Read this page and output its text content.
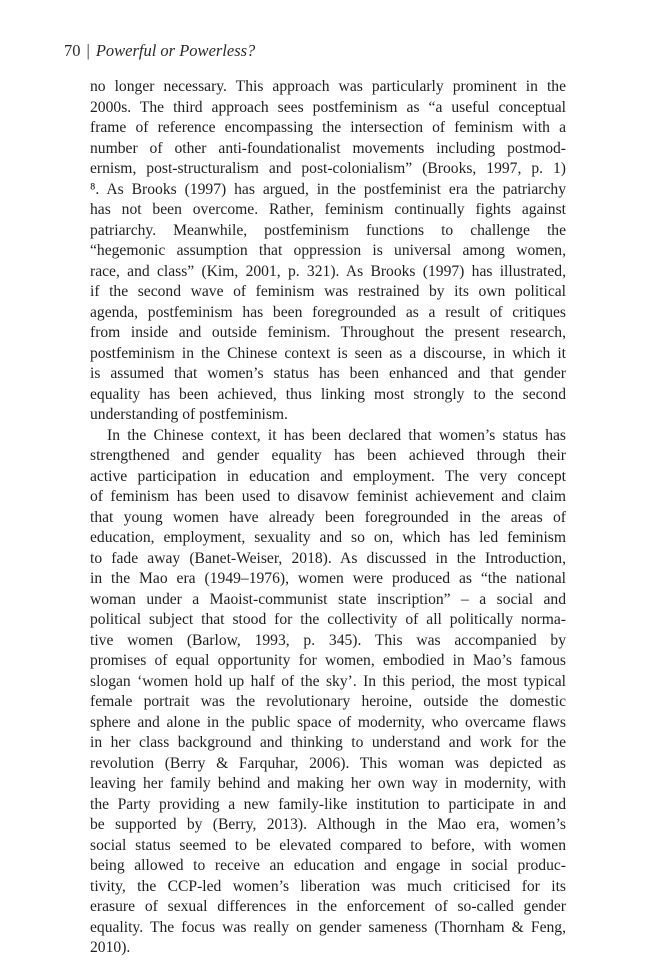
70 | Powerful or Powerless?
no longer necessary. This approach was particularly prominent in the
2000s. The third approach sees postfeminism as “a useful conceptual
frame of reference encompassing the intersection of feminism with a
number of other anti-foundationalist movements including postmod-
ernism, post-structuralism and post-colonialism” (Brooks, 1997, p. 1)
⁸. As Brooks (1997) has argued, in the postfeminist era the patriarchy
has not been overcome. Rather, feminism continually fights against
patriarchy. Meanwhile, postfeminism functions to challenge the
“hegemonic assumption that oppression is universal among women,
race, and class” (Kim, 2001, p. 321). As Brooks (1997) has illustrated,
if the second wave of feminism was restrained by its own political
agenda, postfeminism has been foregrounded as a result of critiques
from inside and outside feminism. Throughout the present research,
postfeminism in the Chinese context is seen as a discourse, in which it
is assumed that women’s status has been enhanced and that gender
equality has been achieved, thus linking most strongly to the second
understanding of postfeminism.
In the Chinese context, it has been declared that women’s status has
strengthened and gender equality has been achieved through their
active participation in education and employment. The very concept
of feminism has been used to disavow feminist achievement and claim
that young women have already been foregrounded in the areas of
education, employment, sexuality and so on, which has led feminism
to fade away (Banet-Weiser, 2018). As discussed in the Introduction,
in the Mao era (1949–1976), women were produced as “the national
woman under a Maoist-communist state inscription” – a social and
political subject that stood for the collectivity of all politically norma-
tive women (Barlow, 1993, p. 345). This was accompanied by
promises of equal opportunity for women, embodied in Mao’s famous
slogan ‘women hold up half of the sky’. In this period, the most typical
female portrait was the revolutionary heroine, outside the domestic
sphere and alone in the public space of modernity, who overcame flaws
in her class background and thinking to understand and work for the
revolution (Berry & Farquhar, 2006). This woman was depicted as
leaving her family behind and making her own way in modernity, with
the Party providing a new family-like institution to participate in and
be supported by (Berry, 2013). Although in the Mao era, women’s
social status seemed to be elevated compared to before, with women
being allowed to receive an education and engage in social produc-
tivity, the CCP-led women’s liberation was much criticised for its
erasure of sexual differences in the enforcement of so-called gender
equality. The focus was really on gender sameness (Thornham & Feng,
2010).
